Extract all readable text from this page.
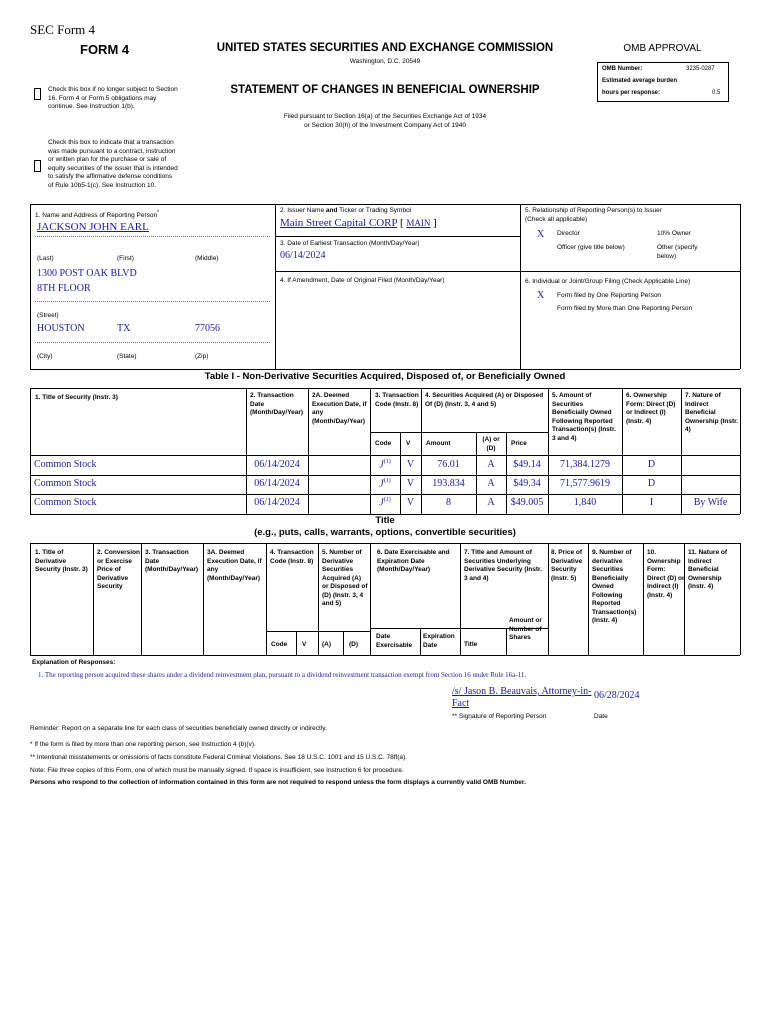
SEC Form 4
FORM 4	UNITED STATES SECURITIES AND EXCHANGE COMMISSION
Washington, D.C. 20549
STATEMENT OF CHANGES IN BENEFICIAL OWNERSHIP
Filed pursuant to Section 16(a) of the Securities Exchange Act of 1934
or Section 30(h) of the Investment Company Act of 1940
Check this box if no longer subject to Section 16. Form 4 or Form 5 obligations may continue. See Instruction 1(b).
Check this box to indicate that a transaction was made pursuant to a contract, instruction or written plan for the purchase or sale of equity securities of the issuer that is intended to satisfy the affirmative defense conditions of Rule 10b5-1(c). See Instruction 10.
OMB APPROVAL
OMB Number:	3235-0287
Estimated average burden
hours per response:	0.5
1. Name and Address of Reporting Person*
JACKSON JOHN EARL
(Last)	(First)	(Middle)
1300 POST OAK BLVD
8TH FLOOR
(Street)
HOUSTON	TX	77056
(City)	(State)	(Zip)
2. Issuer Name and Ticker or Trading Symbol
Main Street Capital CORP [ MAIN ]
3. Date of Earliest Transaction (Month/Day/Year)
06/14/2024
4. If Amendment, Date of Original Filed (Month/Day/Year)
5. Relationship of Reporting Person(s) to Issuer
(Check all applicable)
X Director	10% Owner
Officer (give title below)	Other (specify below)
6. Individual or Joint/Group Filing (Check Applicable Line)
X Form filed by One Reporting Person
Form filed by More than One Reporting Person
Table I - Non-Derivative Securities Acquired, Disposed of, or Beneficially Owned
1. Title of Security (Instr. 3)	2. Transaction Date (Month/Day/Year)
2A. Deemed Execution Date, if any (Month/Day/Year)
3. Transaction Code (Instr. 8)
4. Securities Acquired (A) or Disposed Of (D) (Instr. 3, 4 and 5)
5. Amount of Securities Beneficially Owned Following Reported Transaction(s) (Instr. 3 and 4)
6. Ownership Form: Direct (D) or Indirect (I) (Instr. 4)
7. Nature of Indirect Beneficial Ownership (Instr. 4)
Code V Amount
(A) or (D)
Price
Common Stock	06/14/2024	$J^{(1)}$	V	76.01	A	$49.14	71,384.1279	D
Common Stock	06/14/2024	$J^{(1)}$	V	193.834	A	$49.34	71,577.9619	D
Common Stock	06/14/2024	$J^{(1)}$	V	8	A	$49.005	1,840	I	By Wife
Title
(e.g., puts, calls, warrants, options, convertible securities)
1. Title of Derivative Security (Instr. 3)
2. Conversion or Exercise Price of Derivative Security
3. Transaction Date (Month/Day/Year)
3A. Deemed Execution Date, if any (Month/Day/Year)
4. Transaction Code (Instr. 8)
5. Number of Derivative Securities Acquired (A) or Disposed of (D) (Instr. 3, 4 and 5)
6. Date Exercisable and Expiration Date (Month/Day/Year)
7. Title and Amount of Securities Underlying Derivative Security (Instr. 3 and 4)
8. Price of Derivative Security (Instr. 5)
9. Number of derivative Securities Beneficially Owned Following Reported Transaction(s) (Instr. 4)
10. Ownership Form: Direct (D) or Indirect (I) (Instr. 4)
11. Nature of Indirect Beneficial Ownership (Instr. 4)
Code V (A)	(D)
Date Exercisable
Expiration Date	Title
Amount or Number of Shares
Explanation of Responses:
1. The reporting person acquired these shares under a dividend reinvestment plan, pursuant to a dividend reinvestment transaction exempt from Section 16 under Rule 16a-11.
/s/ Jason B. Beauvais, Attorney-in-Fact
06/28/2024
** Signature of Reporting Person	Date
Reminder: Report on a separate line for each class of securities beneficially owned directly or indirectly.
* If the form is filed by more than one reporting person, see Instruction 4 (b)(v).
** Intentional misstatements or omissions of facts constitute Federal Criminal Violations. See 18 U.S.C. 1001 and 15 U.S.C. 78ff(a).
Note: File three copies of this Form, one of which must be manually signed. If space is insufficient, see Instruction 6 for procedure.
Persons who respond to the collection of information contained in this form are not required to respond unless the form displays a currently valid OMB Number.
